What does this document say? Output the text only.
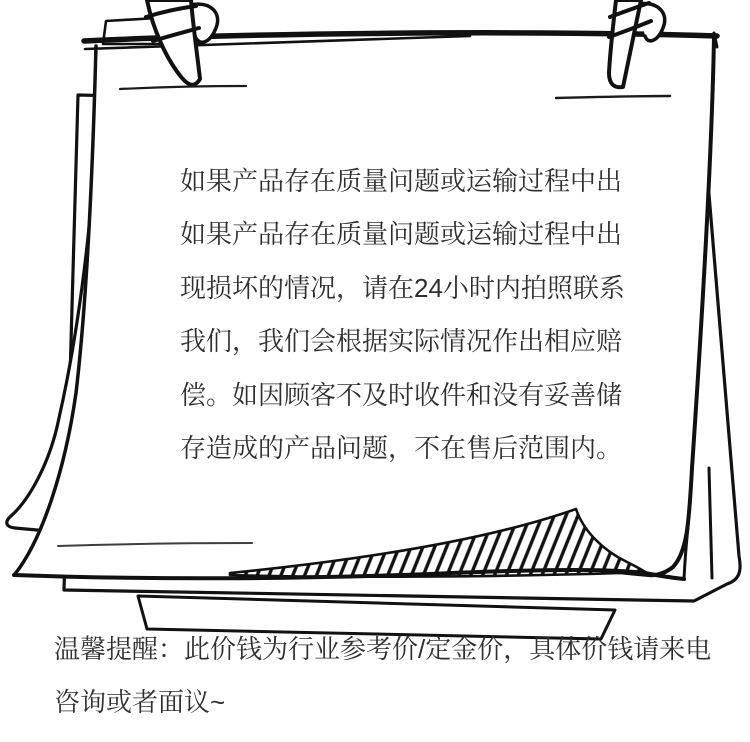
如果产品存在质量问题或运输过程中出
如果产品存在质量问题或运输过程中出
现损坏的情况，请在24小时内拍照联系
我们，我们会根据实际情况作出相应赔
偿。如因顾客不及时收件和没有妥善储
存造成的产品问题，不在售后范围内。
温馨提醒：此价钱为行业参考价/定金价，具体价钱请来电
咨询或者面议~
